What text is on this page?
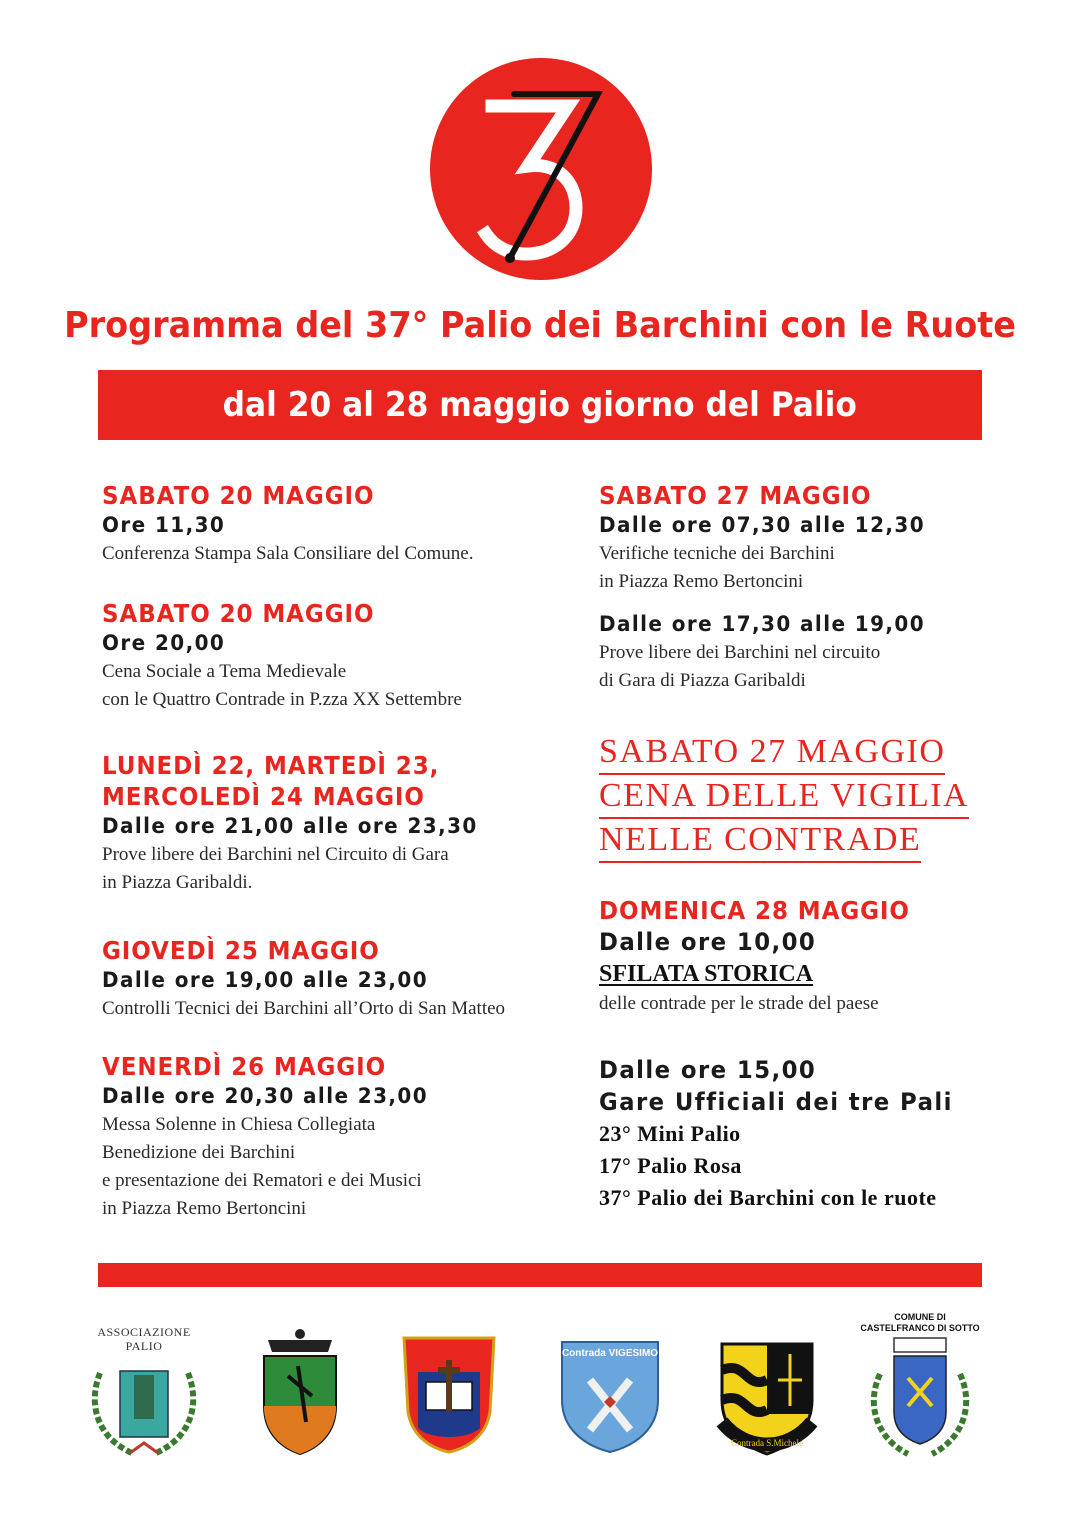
Programma del 37° Palio dei Barchini con le Ruote
dal 20 al 28 maggio giorno del Palio
SABATO 20 MAGGIO
Ore 11,30
Conferenza Stampa Sala Consiliare del Comune.
SABATO 20 MAGGIO
Ore 20,00
Cena Sociale a Tema Medievale
con le Quattro Contrade in P.zza XX Settembre
LUNEDÌ 22, MARTEDÌ 23,
MERCOLEDÌ 24 MAGGIO
Dalle ore 21,00 alle ore 23,30
Prove libere dei Barchini nel Circuito di Gara
in Piazza Garibaldi.
GIOVEDÌ 25 MAGGIO
Dalle ore 19,00 alle 23,00
Controlli Tecnici dei Barchini all’Orto di San Matteo
VENERDÌ 26 MAGGIO
Dalle ore 20,30 alle 23,00
Messa Solenne in Chiesa Collegiata
Benedizione dei Barchini
e presentazione dei Rematori e dei Musici
in Piazza Remo Bertoncini
SABATO 27 MAGGIO
Dalle ore 07,30 alle 12,30
Verifiche tecniche dei Barchini
in Piazza Remo Bertoncini
Dalle ore 17,30 alle 19,00
Prove libere dei Barchini nel circuito
di Gara di Piazza Garibaldi
SABATO 27 MAGGIO
CENA DELLE VIGILIA
NELLE CONTRADE
DOMENICA 28 MAGGIO
Dalle ore 10,00
SFILATA STORICA
delle contrade per le strade del paese
Dalle ore 15,00
Gare Ufficiali dei tre Pali
23° Mini Palio
17° Palio Rosa
37° Palio dei Barchini con le ruote
ASSOCIAZIONE
PALIO
Contrada VIGESIMO
Contrada S.Michele
COMUNE DI
CASTELFRANCO DI SOTTO
